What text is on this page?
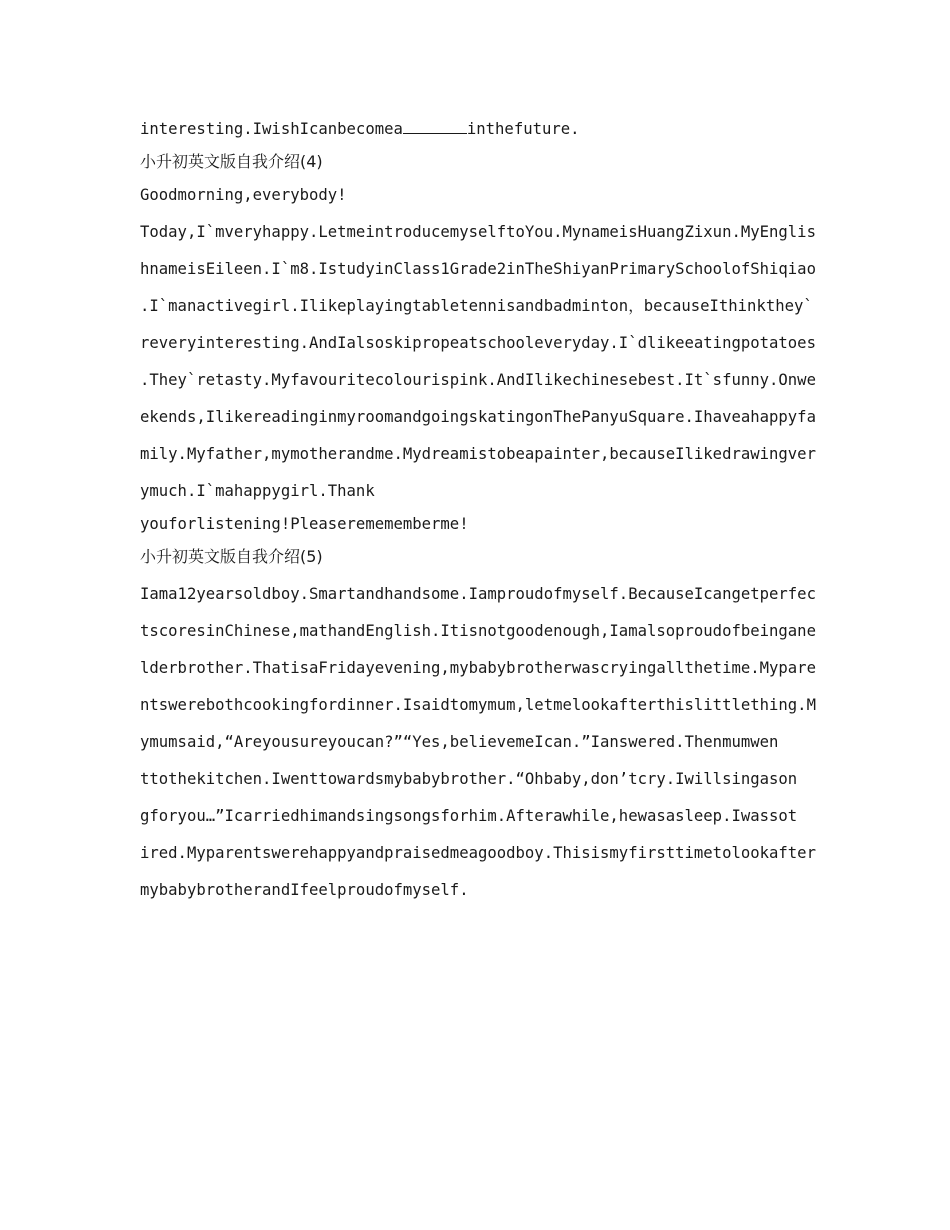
interesting.IwishIcanbecomea	inthefuture.
小升初英文版自我介绍(4)
Goodmorning,everybody!
Today,I`mveryhappy.LetmeintroducemyselftoYou.MynameisHuangZixun.MyEnglis
hnameisEileen.I`m8.IstudyinClass1Grade2inTheShiyanPrimarySchoolofShiqiao
.I`manactivegirl.Ilikeplayingtabletennisandbadminton，becauseIthinkthey`
reveryinteresting.AndIalsoskipropeatschooleveryday.I`dlikeeatingpotatoes
.They`retasty.Myfavouritecolourispink.AndIlikechinesebest.It`sfunny.Onwe
ekends,IlikereadinginmyroomandgoingskatingonThePanyuSquare.Ihaveahappyfa
mily.Myfather,mymotherandme.Mydreamistobeapainter,becauseIlikedrawingver
ymuch.I`mahappygirl.Thank
youforlistening!Pleaseremememberme!
小升初英文版自我介绍(5)
Iama12yearsoldboy.Smartandhandsome.Iamproudofmyself.BecauseIcangetperfec
tscoresinChinese,mathandEnglish.Itisnotgoodenough,Iamalsoproudofbeingane
lderbrother.ThatisaFridayevening,mybabybrotherwascryingallthetime.Mypare
ntswerebothcookingfordinner.Isaidtomymum,letmelookafterthislittlething.M
ymumsaid,“Areyousureyoucan?”“Yes,believemeIcan.”Ianswered.Thenmumwen
ttothekitchen.Iwenttowardsmybabybrother.“Ohbaby,don’tcry.Iwillsingason
gforyou…”Icarriedhimandsingsongsforhim.Afterawhile,hewasasleep.Iwassot
ired.Myparentswerehappyandpraisedmeagoodboy.Thisismyfirsttimetolookafter
mybabybrotherandIfeelproudofmyself.
